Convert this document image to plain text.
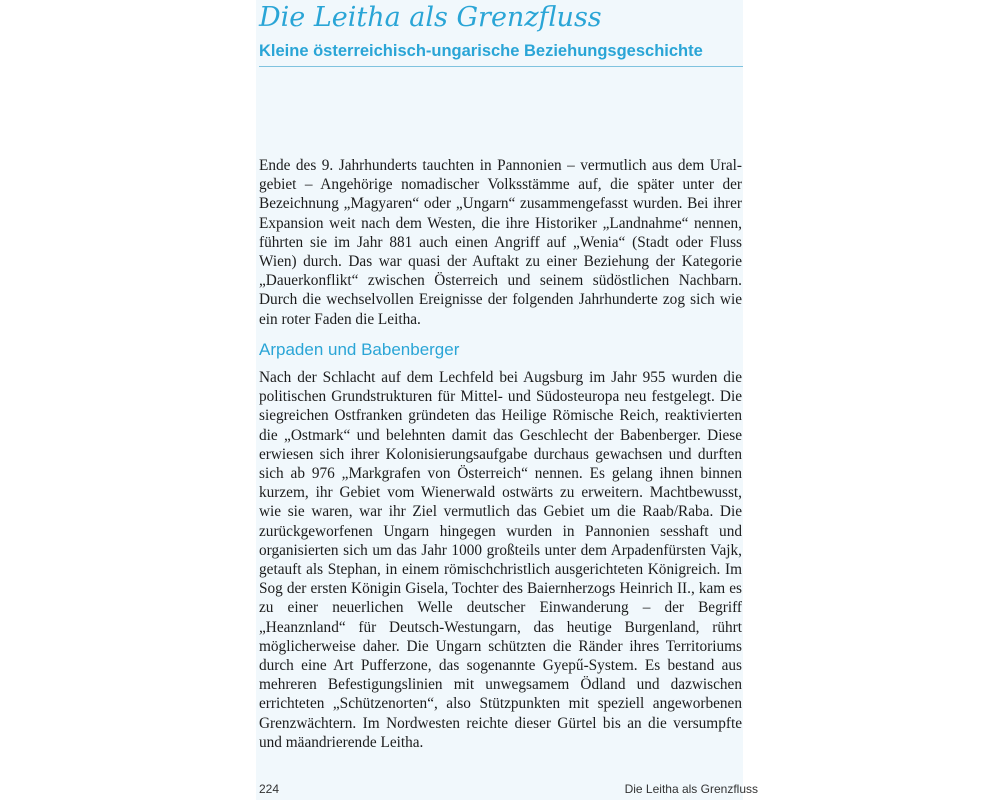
Die Leitha als Grenzfluss
Kleine österreichisch-ungarische Beziehungsgeschichte

Ende des 9. Jahrhunderts tauchten in Pannonien – vermutlich aus dem Uralgebiet – Angehörige nomadischer Volksstämme auf, die später unter der Bezeichnung „Magyaren“ oder „Ungarn“ zusammengefasst wurden. Bei ihrer Expansion weit nach dem Westen, die ihre Historiker „Landnahme“ nennen, führten sie im Jahr 881 auch einen Angriff auf „Wenia“ (Stadt oder Fluss Wien) durch. Das war quasi der Auftakt zu einer Beziehung der Kategorie „Dauerkonflikt“ zwischen Österreich und seinem südöstlichen Nachbarn. Durch die wechselvollen Ereignisse der folgenden Jahrhunderte zog sich wie ein roter Faden die Leitha.

Arpaden und Babenberger

Nach der Schlacht auf dem Lechfeld bei Augsburg im Jahr 955 wurden die politischen Grundstrukturen für Mittel- und Südosteuropa neu festgelegt. Die siegreichen Ostfranken gründeten das Heilige Römische Reich, reaktivierten die „Ostmark“ und belehnten damit das Geschlecht der Babenberger. Diese erwiesen sich ihrer Kolonisierungsaufgabe durchaus gewachsen und durften sich ab 976 „Markgrafen von Österreich“ nennen. Es gelang ihnen binnen kurzem, ihr Gebiet vom Wienerwald ostwärts zu erweitern. Machtbewusst, wie sie waren, war ihr Ziel vermutlich das Gebiet um die Raab/Raba. Die zurückgeworfenen Ungarn hingegen wurden in Pannonien sesshaft und organisierten sich um das Jahr 1000 großteils unter dem Arpadenfürsten Vajk, getauft als Stephan, in einem römischchristlich ausgerichteten Königreich. Im Sog der ersten Königin Gisela, Tochter des Baiernherzogs Heinrich II., kam es zu einer neuerlichen Welle deutscher Einwanderung – der Begriff „Heanznland“ für Deutsch-Westungarn, das heutige Burgenland, rührt möglicherweise daher. Die Ungarn schützten die Ränder ihres Territoriums durch eine Art Pufferzone, das sogenannte Gyepű-System. Es bestand aus mehreren Befestigungslinien mit unwegsamem Ödland und dazwischen errichteten „Schützenorten“, also Stützpunkten mit speziell angeworbenen Grenzwächtern. Im Nordwesten reichte dieser Gürtel bis an die versumpfte und mäandrierende Leitha.

224	Die Leitha als Grenzfluss
